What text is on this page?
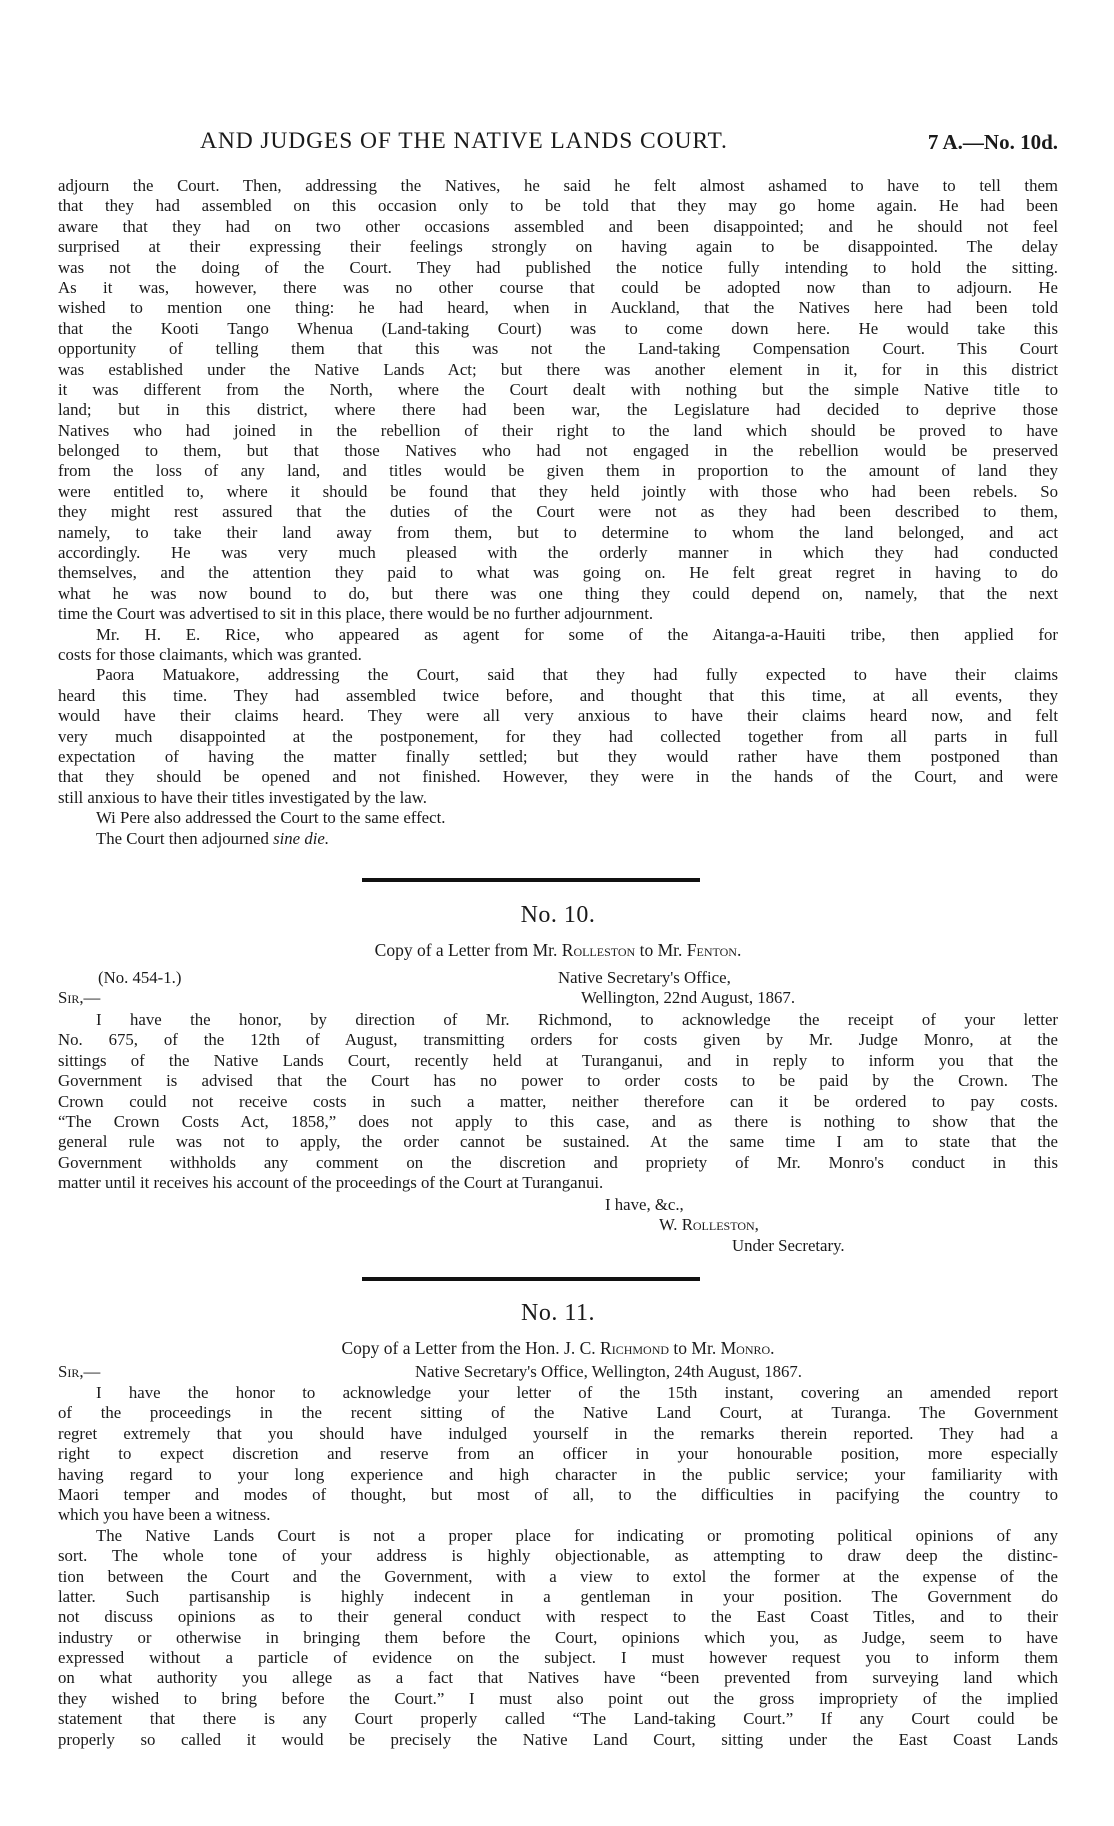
AND JUDGES OF THE NATIVE LANDS COURT.	7 A.—No. 10d.
adjourn the Court. Then, addressing the Natives, he said he felt almost ashamed to have to tell them
that they had assembled on this occasion only to be told that they may go home again. He had been
aware that they had on two other occasions assembled and been disappointed; and he should not feel
surprised at their expressing their feelings strongly on having again to be disappointed. The delay
was not the doing of the Court. They had published the notice fully intending to hold the sitting.
As it was, however, there was no other course that could be adopted now than to adjourn. He
wished to mention one thing: he had heard, when in Auckland, that the Natives here had been told
that the Kooti Tango Whenua (Land-taking Court) was to come down here. He would take this
opportunity of telling them that this was not the Land-taking Compensation Court. This Court
was established under the Native Lands Act; but there was another element in it, for in this district
it was different from the North, where the Court dealt with nothing but the simple Native title to
land; but in this district, where there had been war, the Legislature had decided to deprive those
Natives who had joined in the rebellion of their right to the land which should be proved to have
belonged to them, but that those Natives who had not engaged in the rebellion would be preserved
from the loss of any land, and titles would be given them in proportion to the amount of land they
were entitled to, where it should be found that they held jointly with those who had been rebels. So
they might rest assured that the duties of the Court were not as they had been described to them,
namely, to take their land away from them, but to determine to whom the land belonged, and act
accordingly. He was very much pleased with the orderly manner in which they had conducted
themselves, and the attention they paid to what was going on. He felt great regret in having to do
what he was now bound to do, but there was one thing they could depend on, namely, that the next
time the Court was advertised to sit in this place, there would be no further adjournment.
Mr. H. E. Rice, who appeared as agent for some of the Aitanga-a-Hauiti tribe, then applied for
costs for those claimants, which was granted.
Paora Matuakore, addressing the Court, said that they had fully expected to have their claims
heard this time. They had assembled twice before, and thought that this time, at all events, they
would have their claims heard. They were all very anxious to have their claims heard now, and felt
very much disappointed at the postponement, for they had collected together from all parts in full
expectation of having the matter finally settled; but they would rather have them postponed than
that they should be opened and not finished. However, they were in the hands of the Court, and were
still anxious to have their titles investigated by the law.
Wi Pere also addressed the Court to the same effect.
The Court then adjourned sine die.
No. 10.
Copy of a Letter from Mr. Rolleston to Mr. Fenton.
(No. 454-1.)	Native Secretary's Office,
Sir,—	Wellington, 22nd August, 1867.
I have the honor, by direction of Mr. Richmond, to acknowledge the receipt of your letter
No. 675, of the 12th of August, transmitting orders for costs given by Mr. Judge Monro, at the
sittings of the Native Lands Court, recently held at Turanganui, and in reply to inform you that the
Government is advised that the Court has no power to order costs to be paid by the Crown. The
Crown could not receive costs in such a matter, neither therefore can it be ordered to pay costs.
“The Crown Costs Act, 1858,” does not apply to this case, and as there is nothing to show that the
general rule was not to apply, the order cannot be sustained. At the same time I am to state that the
Government withholds any comment on the discretion and propriety of Mr. Monro's conduct in this
matter until it receives his account of the proceedings of the Court at Turanganui.
I have, &c.,
W. Rolleston,
Under Secretary.
No. 11.
Copy of a Letter from the Hon. J. C. Richmond to Mr. Monro.
Sir,—	Native Secretary's Office, Wellington, 24th August, 1867.
I have the honor to acknowledge your letter of the 15th instant, covering an amended report
of the proceedings in the recent sitting of the Native Land Court, at Turanga. The Government
regret extremely that you should have indulged yourself in the remarks therein reported. They had a
right to expect discretion and reserve from an officer in your honourable position, more especially
having regard to your long experience and high character in the public service; your familiarity with
Maori temper and modes of thought, but most of all, to the difficulties in pacifying the country to
which you have been a witness.
The Native Lands Court is not a proper place for indicating or promoting political opinions of any
sort. The whole tone of your address is highly objectionable, as attempting to draw deep the distinc-
tion between the Court and the Government, with a view to extol the former at the expense of the
latter. Such partisanship is highly indecent in a gentleman in your position. The Government do
not discuss opinions as to their general conduct with respect to the East Coast Titles, and to their
industry or otherwise in bringing them before the Court, opinions which you, as Judge, seem to have
expressed without a particle of evidence on the subject. I must however request you to inform them
on what authority you allege as a fact that Natives have “been prevented from surveying land which
they wished to bring before the Court.” I must also point out the gross impropriety of the implied
statement that there is any Court properly called “The Land-taking Court.” If any Court could be
properly so called it would be precisely the Native Land Court, sitting under the East Coast Lands
